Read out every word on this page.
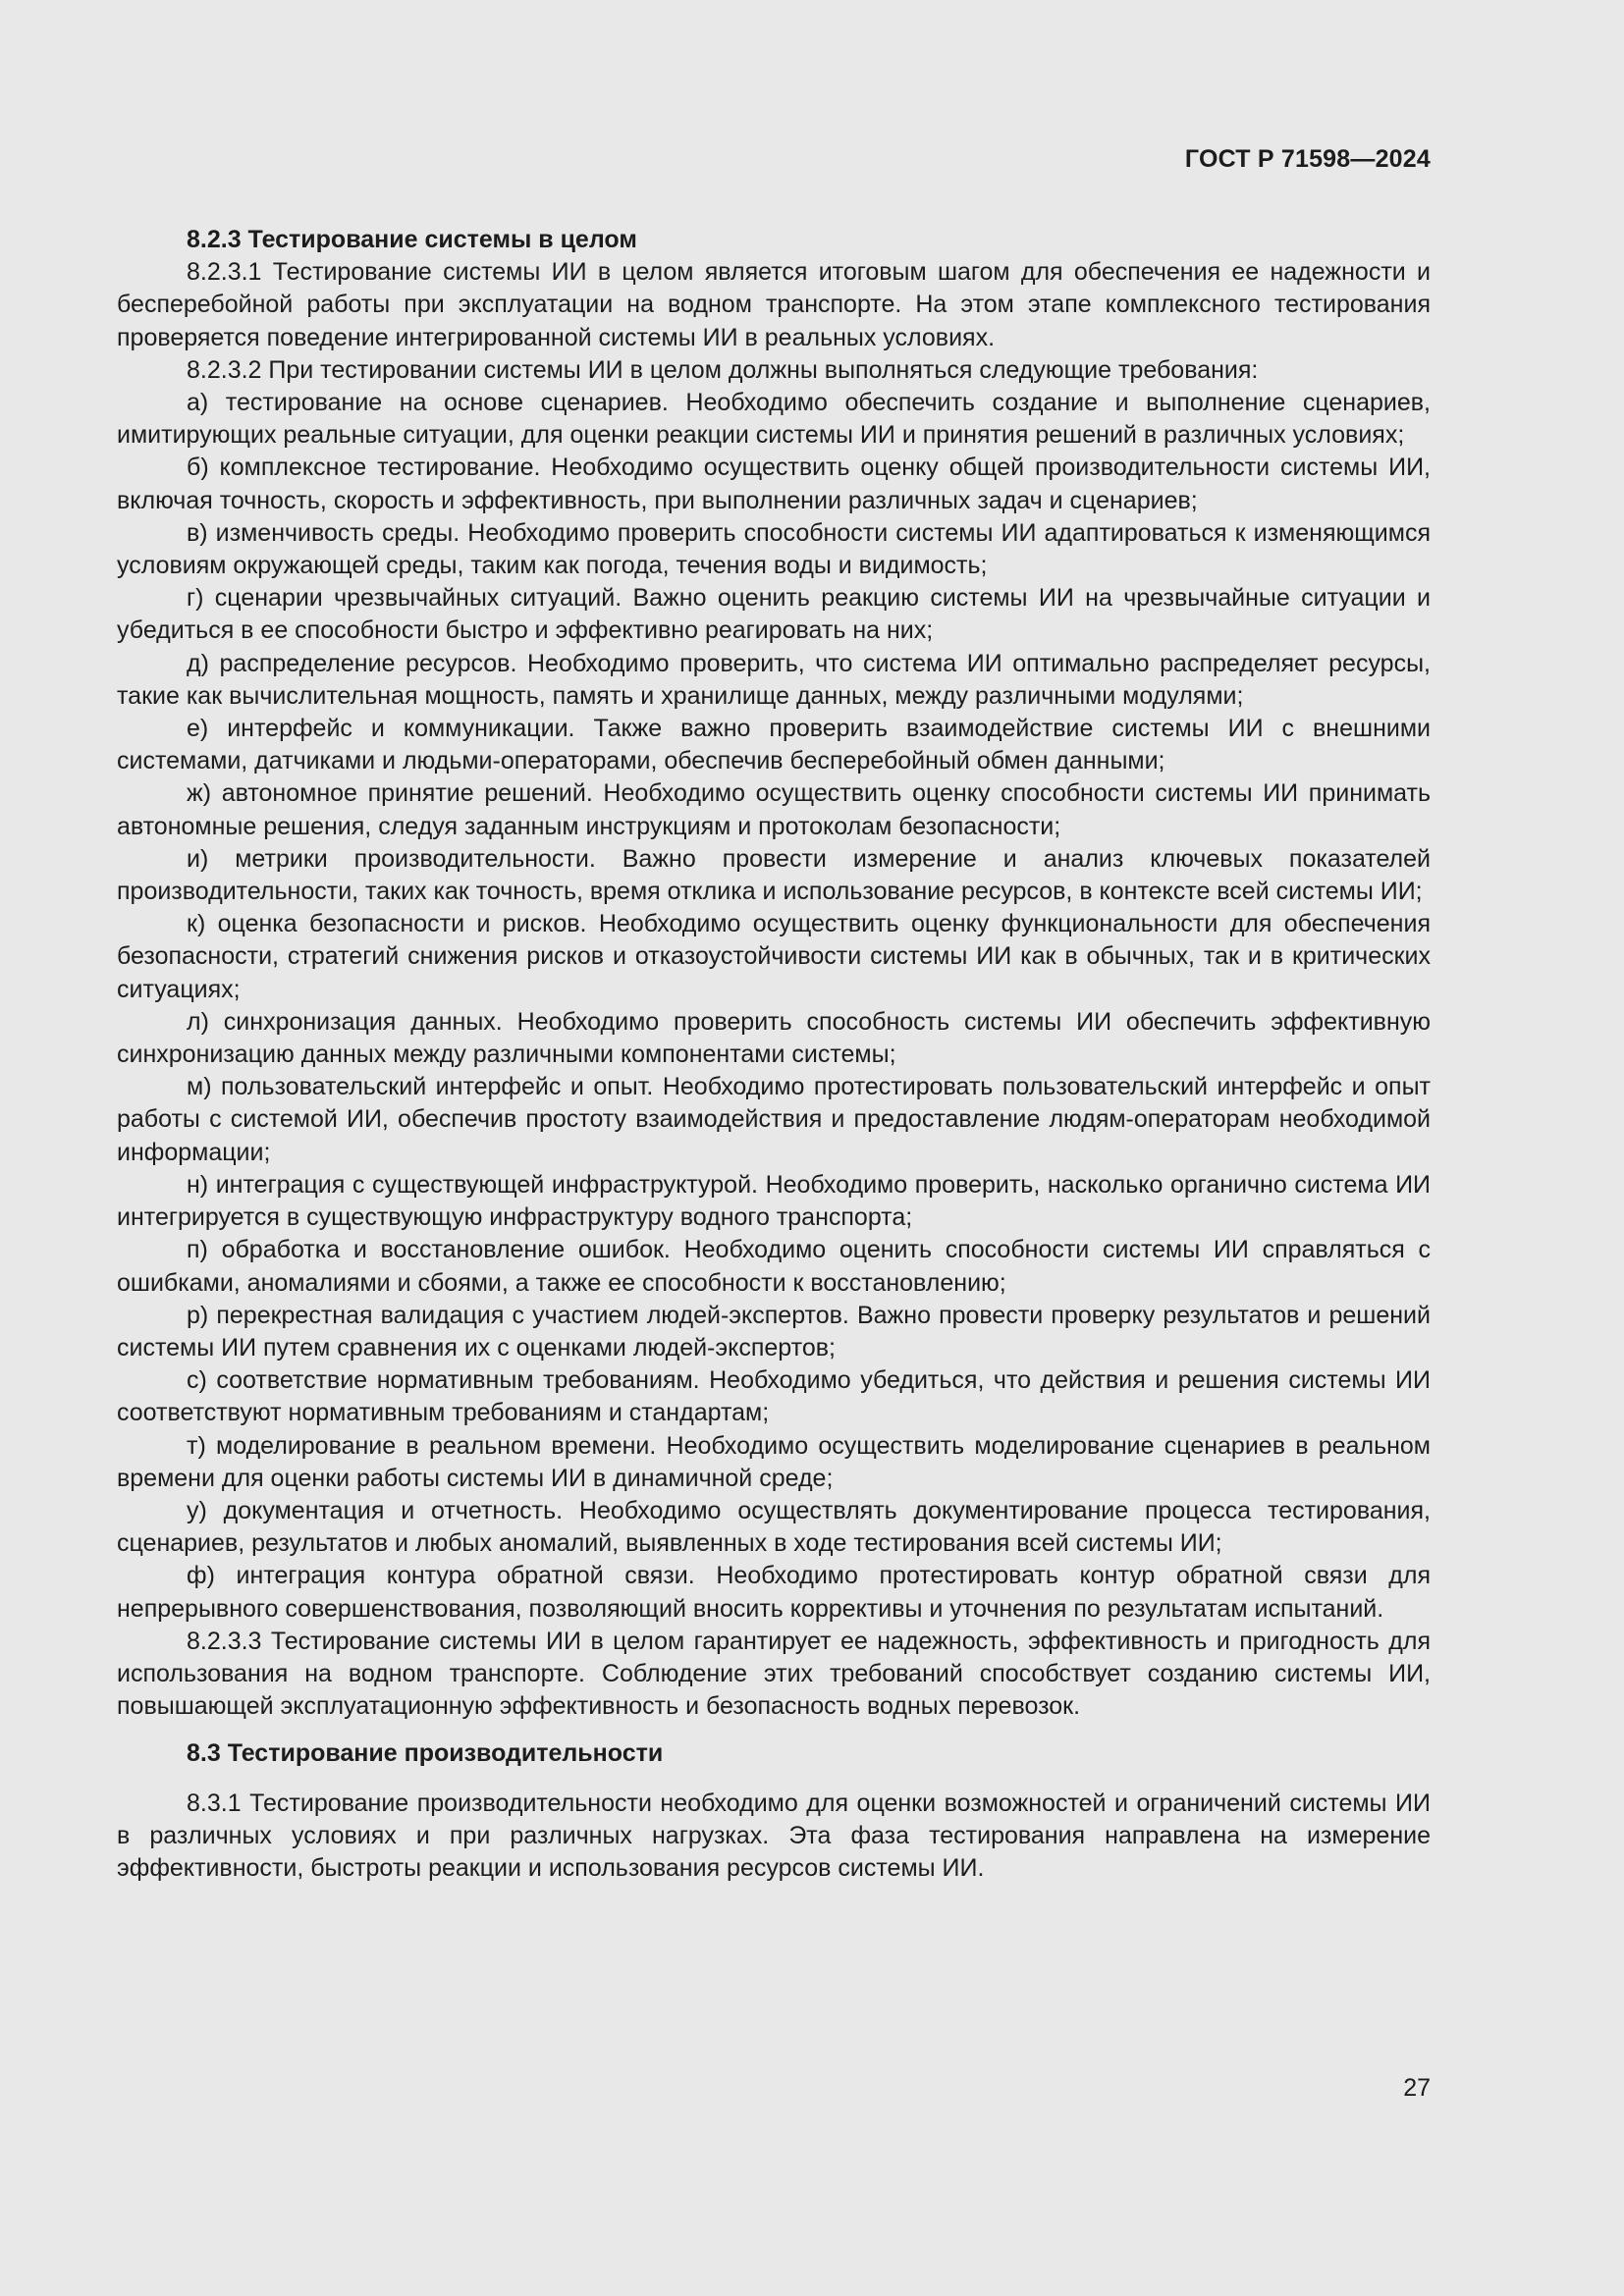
ГОСТ Р 71598—2024

8.2.3 Тестирование системы в целом

8.2.3.1 Тестирование системы ИИ в целом является итоговым шагом для обеспечения ее надежности и бесперебойной работы при эксплуатации на водном транспорте. На этом этапе комплексного тестирования проверяется поведение интегрированной системы ИИ в реальных условиях.

8.2.3.2 При тестировании системы ИИ в целом должны выполняться следующие требования:

а) тестирование на основе сценариев. Необходимо обеспечить создание и выполнение сценариев, имитирующих реальные ситуации, для оценки реакции системы ИИ и принятия решений в различных условиях;

б) комплексное тестирование. Необходимо осуществить оценку общей производительности системы ИИ, включая точность, скорость и эффективность, при выполнении различных задач и сценариев;

в) изменчивость среды. Необходимо проверить способности системы ИИ адаптироваться к изменяющимся условиям окружающей среды, таким как погода, течения воды и видимость;

г) сценарии чрезвычайных ситуаций. Важно оценить реакцию системы ИИ на чрезвычайные ситуации и убедиться в ее способности быстро и эффективно реагировать на них;

д) распределение ресурсов. Необходимо проверить, что система ИИ оптимально распределяет ресурсы, такие как вычислительная мощность, память и хранилище данных, между различными модулями;

е) интерфейс и коммуникации. Также важно проверить взаимодействие системы ИИ с внешними системами, датчиками и людьми-операторами, обеспечив бесперебойный обмен данными;

ж) автономное принятие решений. Необходимо осуществить оценку способности системы ИИ принимать автономные решения, следуя заданным инструкциям и протоколам безопасности;

и) метрики производительности. Важно провести измерение и анализ ключевых показателей производительности, таких как точность, время отклика и использование ресурсов, в контексте всей системы ИИ;

к) оценка безопасности и рисков. Необходимо осуществить оценку функциональности для обеспечения безопасности, стратегий снижения рисков и отказоустойчивости системы ИИ как в обычных, так и в критических ситуациях;

л) синхронизация данных. Необходимо проверить способность системы ИИ обеспечить эффективную синхронизацию данных между различными компонентами системы;

м) пользовательский интерфейс и опыт. Необходимо протестировать пользовательский интерфейс и опыт работы с системой ИИ, обеспечив простоту взаимодействия и предоставление людям-операторам необходимой информации;

н) интеграция с существующей инфраструктурой. Необходимо проверить, насколько органично система ИИ интегрируется в существующую инфраструктуру водного транспорта;

п) обработка и восстановление ошибок. Необходимо оценить способности системы ИИ справляться с ошибками, аномалиями и сбоями, а также ее способности к восстановлению;

р) перекрестная валидация с участием людей-экспертов. Важно провести проверку результатов и решений системы ИИ путем сравнения их с оценками людей-экспертов;

с) соответствие нормативным требованиям. Необходимо убедиться, что действия и решения системы ИИ соответствуют нормативным требованиям и стандартам;

т) моделирование в реальном времени. Необходимо осуществить моделирование сценариев в реальном времени для оценки работы системы ИИ в динамичной среде;

у) документация и отчетность. Необходимо осуществлять документирование процесса тестирования, сценариев, результатов и любых аномалий, выявленных в ходе тестирования всей системы ИИ;

ф) интеграция контура обратной связи. Необходимо протестировать контур обратной связи для непрерывного совершенствования, позволяющий вносить коррективы и уточнения по результатам испытаний.

8.2.3.3 Тестирование системы ИИ в целом гарантирует ее надежность, эффективность и пригодность для использования на водном транспорте. Соблюдение этих требований способствует созданию системы ИИ, повышающей эксплуатационную эффективность и безопасность водных перевозок.

8.3 Тестирование производительности

8.3.1 Тестирование производительности необходимо для оценки возможностей и ограничений системы ИИ в различных условиях и при различных нагрузках. Эта фаза тестирования направлена на измерение эффективности, быстроты реакции и использования ресурсов системы ИИ.

27
